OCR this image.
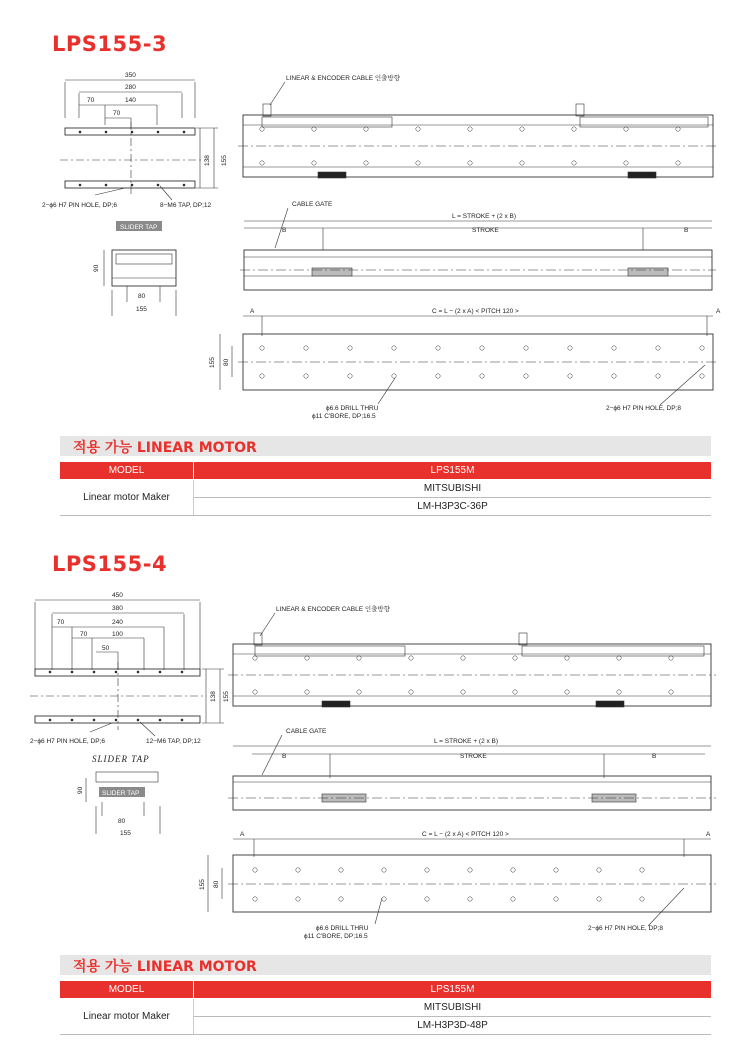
LPS155-3
350
280
70	140
70
138 155
2−ϕ6 H7 PIN HOLE, DP;6	8−M6 TAP, DP;12
SLIDER TAP
90
80
155
LINEAR & ENCODER CABLE 인출방향
CABLE GATE
L = STROKE + (2 x B)
B	STROKE	B
C = L − (2 x A) < PITCH 120 >
A	A
155 80
ϕ6.6 DRILL THRU
ϕ11 C'BORE, DP;16.5
2−ϕ6 H7 PIN HOLE, DP;8
적용 가능 LINEAR MOTOR
MODEL	LPS155M
Linear motor Maker	MITSUBISHI
	LM-H3P3C-36P
LPS155-4
450
380
70	240
70	100
50
138 155
2−ϕ6 H7 PIN HOLE, DP;6	12−M6 TAP, DP;12
SLIDER TAP
SLIDER TAP
90
80
155
LINEAR & ENCODER CABLE 인출방향
CABLE GATE
L = STROKE + (2 x B)
B	STROKE	B
C = L − (2 x A) < PITCH 120 >
A	A
155 80
ϕ6.6 DRILL THRU
ϕ11 C'BORE, DP;16.5
2−ϕ6 H7 PIN HOLE, DP;8
적용 가능 LINEAR MOTOR
MODEL	LPS155M
Linear motor Maker	MITSUBISHI
	LM-H3P3D-48P
